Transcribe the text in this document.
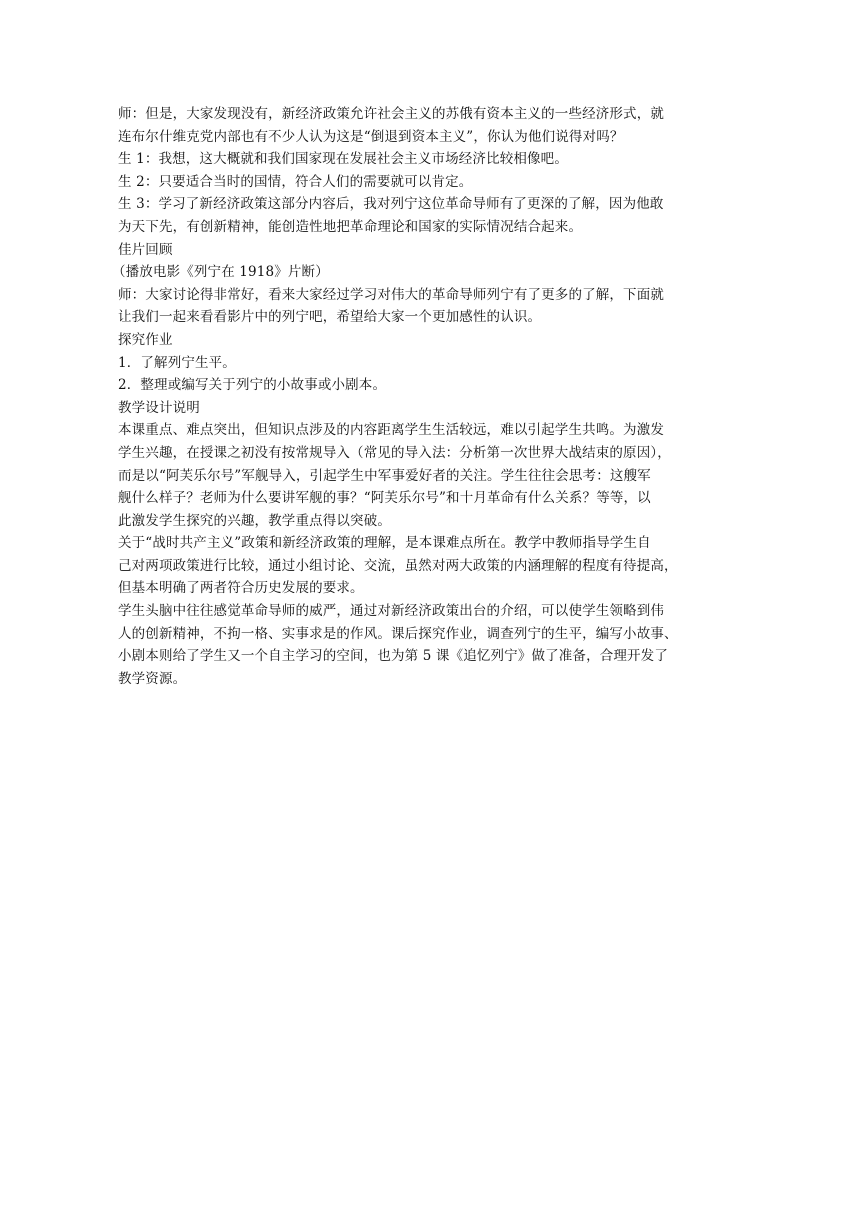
师：但是，大家发现没有，新经济政策允许社会主义的苏俄有资本主义的一些经济形式，就
连布尔什维克党内部也有不少人认为这是“倒退到资本主义”，你认为他们说得对吗？
生 1：我想，这大概就和我们国家现在发展社会主义市场经济比较相像吧。
生 2：只要适合当时的国情，符合人们的需要就可以肯定。
生 3：学习了新经济政策这部分内容后，我对列宁这位革命导师有了更深的了解，因为他敢
为天下先，有创新精神，能创造性地把革命理论和国家的实际情况结合起来。
佳片回顾
（播放电影《列宁在 1918》片断）
师：大家讨论得非常好，看来大家经过学习对伟大的革命导师列宁有了更多的了解，下面就
让我们一起来看看影片中的列宁吧，希望给大家一个更加感性的认识。
探究作业
1．了解列宁生平。
2．整理或编写关于列宁的小故事或小剧本。
教学设计说明
本课重点、难点突出，但知识点涉及的内容距离学生生活较远，难以引起学生共鸣。为激发
学生兴趣，在授课之初没有按常规导入（常见的导入法：分析第一次世界大战结束的原因），
而是以“阿芙乐尔号”军舰导入，引起学生中军事爱好者的关注。学生往往会思考：这艘军
舰什么样子？老师为什么要讲军舰的事？“阿芙乐尔号”和十月革命有什么关系？等等，以
此激发学生探究的兴趣，教学重点得以突破。
关于“战时共产主义”政策和新经济政策的理解，是本课难点所在。教学中教师指导学生自
己对两项政策进行比较，通过小组讨论、交流，虽然对两大政策的内涵理解的程度有待提高，
但基本明确了两者符合历史发展的要求。
学生头脑中往往感觉革命导师的威严，通过对新经济政策出台的介绍，可以使学生领略到伟
人的创新精神，不拘一格、实事求是的作风。课后探究作业，调查列宁的生平，编写小故事、
小剧本则给了学生又一个自主学习的空间，也为第 5 课《追忆列宁》做了准备，合理开发了
教学资源。
